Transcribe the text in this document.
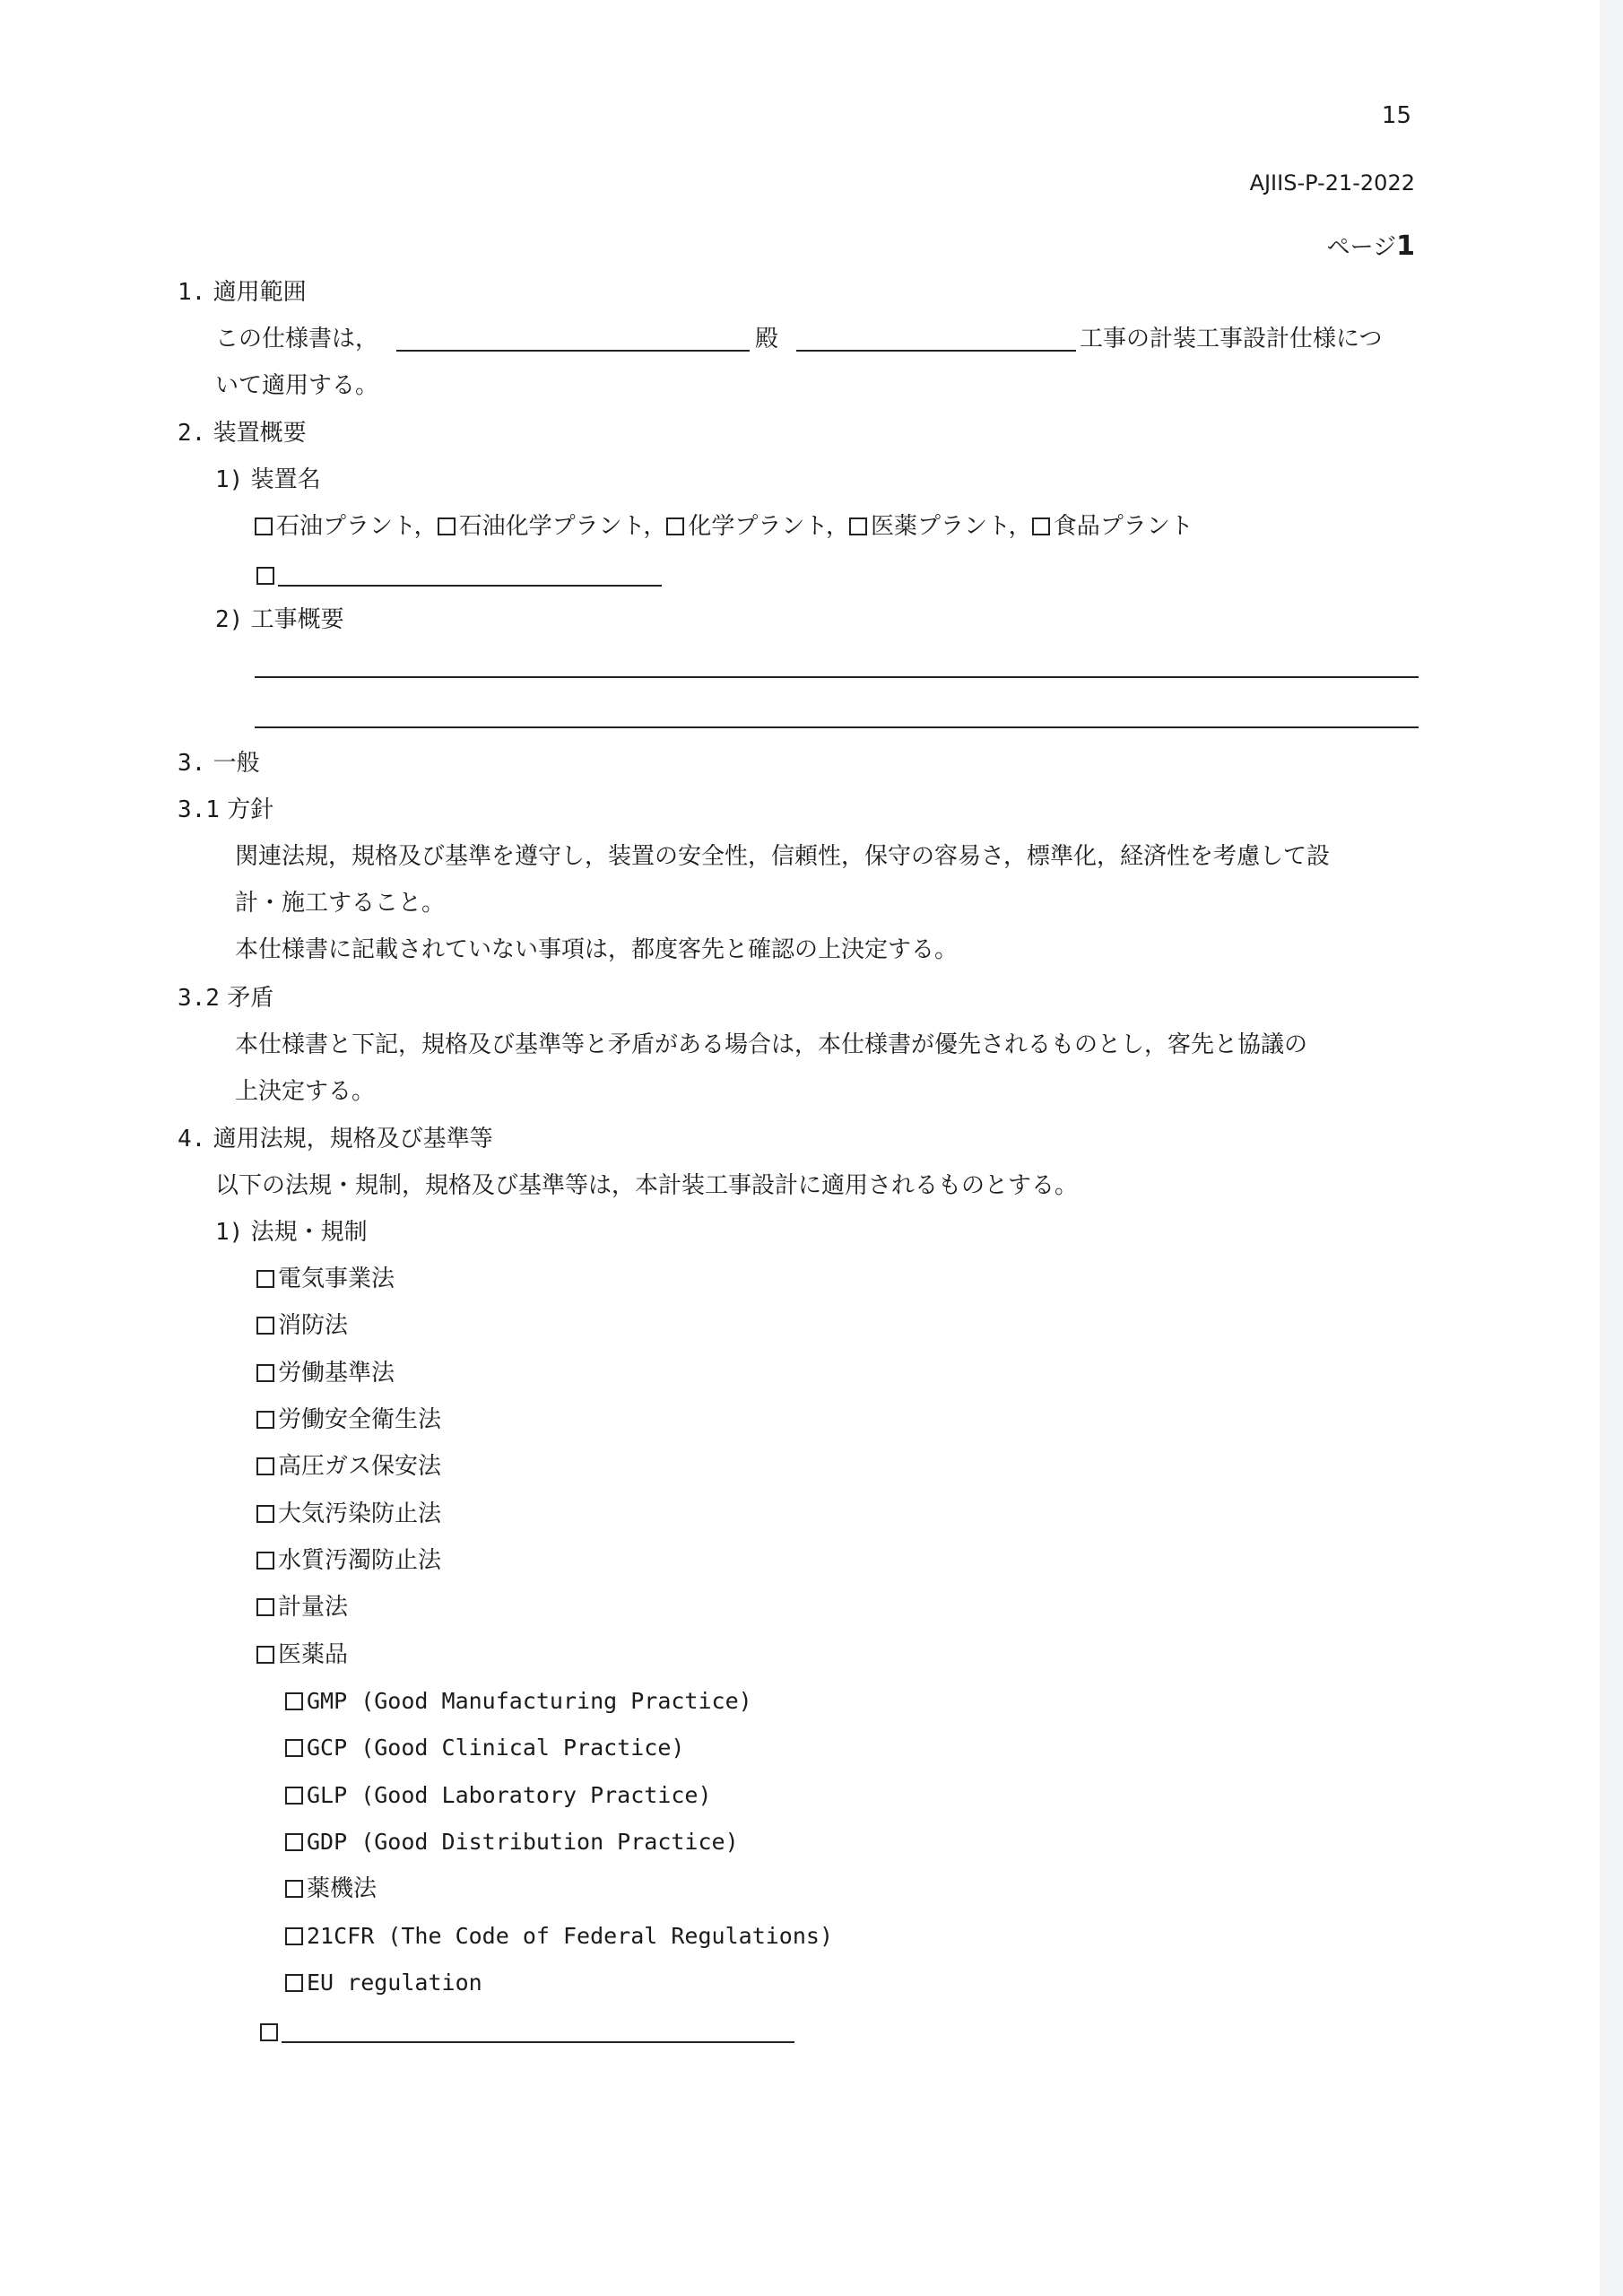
15
AJIIS-P-21-2022
ページ1
1. 適用範囲
この仕様書は，	殿	工事の計装工事設計仕様につ
いて適用する。
2. 装置概要
1) 装置名
石油プラント， 石油化学プラント， 化学プラント， 医薬プラント， 食品プラント
2) 工事概要
3. 一般
3.1 方針
関連法規，規格及び基準を遵守し，装置の安全性，信頼性，保守の容易さ，標準化，経済性を考慮して設
計・施工すること。
本仕様書に記載されていない事項は，都度客先と確認の上決定する。
3.2 矛盾
本仕様書と下記，規格及び基準等と矛盾がある場合は，本仕様書が優先されるものとし，客先と協議の
上決定する。
4. 適用法規，規格及び基準等
以下の法規・規制，規格及び基準等は，本計装工事設計に適用されるものとする。
1) 法規・規制
電気事業法
消防法
労働基準法
労働安全衛生法
高圧ガス保安法
大気汚染防止法
水質汚濁防止法
計量法
医薬品
GMP (Good Manufacturing Practice)
GCP (Good Clinical Practice)
GLP (Good Laboratory Practice)
GDP (Good Distribution Practice)
薬機法
21CFR (The Code of Federal Regulations)
EU regulation
